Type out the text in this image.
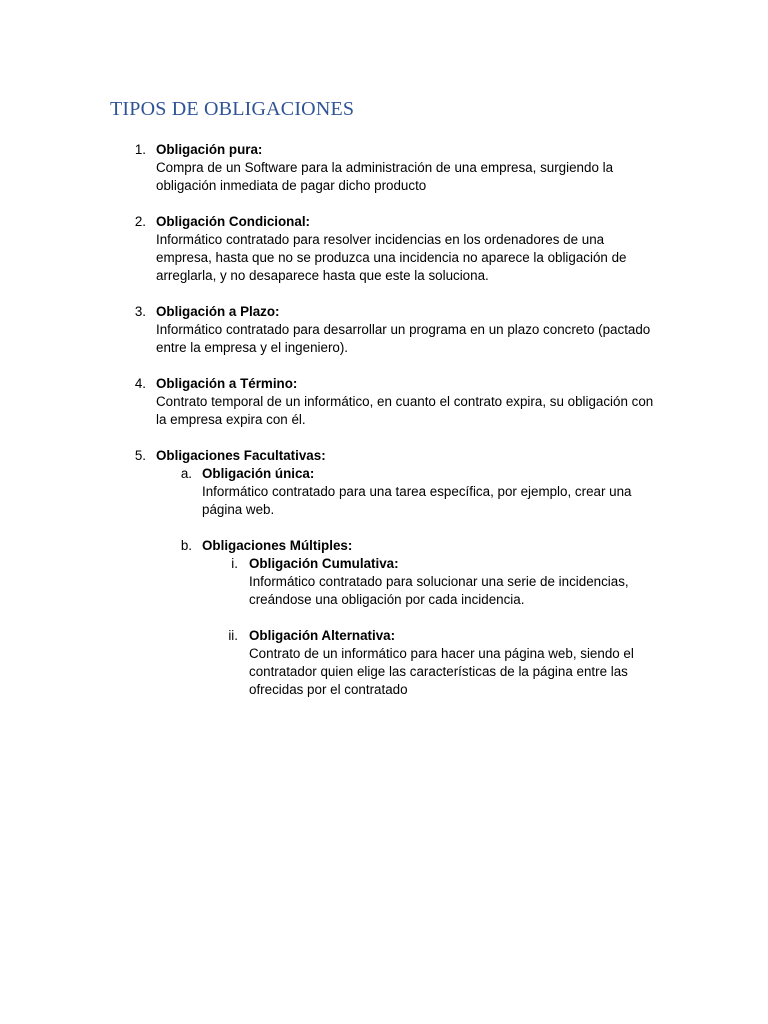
TIPOS DE OBLIGACIONES
1. Obligación pura:
Compra de un Software para la administración de una empresa, surgiendo la obligación inmediata de pagar dicho producto
2. Obligación Condicional:
Informático contratado para resolver incidencias en los ordenadores de una empresa, hasta que no se produzca una incidencia no aparece la obligación de arreglarla, y no desaparece hasta que este la soluciona.
3. Obligación a Plazo:
Informático contratado para desarrollar un programa en un plazo concreto (pactado entre la empresa y el ingeniero).
4. Obligación a Término:
Contrato temporal de un informático, en cuanto el contrato expira, su obligación con la empresa expira con él.
5. Obligaciones Facultativas:
a. Obligación única:
Informático contratado para una tarea específica, por ejemplo, crear una página web.
b. Obligaciones Múltiples:
i. Obligación Cumulativa:
Informático contratado para solucionar una serie de incidencias, creándose una obligación por cada incidencia.
ii. Obligación Alternativa:
Contrato de un informático para hacer una página web, siendo el contratador quien elige las características de la página entre las ofrecidas por el contratado
